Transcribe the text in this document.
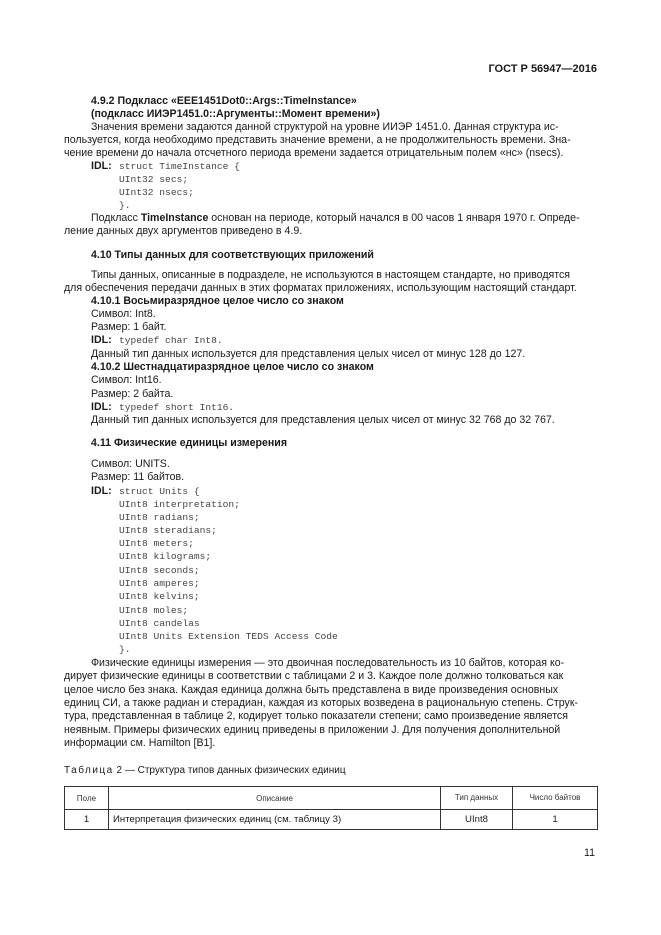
ГОСТ Р 56947—2016
4.9.2 Подкласс «EEE1451Dot0::Args::TimeInstance»
(подкласс ИИЭР1451.0::Аргументы::Момент времени»)
Значения времени задаются данной структурой на уровне ИИЭР 1451.0. Данная структура ис-
пользуется, когда необходимо представить значение времени, а не продолжительность времени. Зна-
чение времени до начала отсчетного периода времени задается отрицательным полем «нс» (nsecs).
IDL: struct TimeInstance {
UInt32 secs;
UInt32 nsecs;
}.
Подкласс TimeInstance основан на периоде, который начался в 00 часов 1 января 1970 г. Опреде-
ление данных двух аргументов приведено в 4.9.
4.10 Типы данных для соответствующих приложений
Типы данных, описанные в подразделе, не используются в настоящем стандарте, но приводятся
для обеспечения передачи данных в этих форматах приложениях, использующим настоящий стандарт.
4.10.1 Восьмиразрядное целое число со знаком
Символ: Int8.
Размер: 1 байт.
IDL: typedef char Int8.
Данный тип данных используется для представления целых чисел от минус 128 до 127.
4.10.2 Шестнадцатиразрядное целое число со знаком
Символ: Int16.
Размер: 2 байта.
IDL: typedef short Int16.
Данный тип данных используется для представления целых чисел от минус 32 768 до 32 767.
4.11 Физические единицы измерения
Символ: UNITS.
Размер: 11 байтов.
IDL: struct Units {
UInt8 interpretation;
UInt8 radians;
UInt8 steradians;
UInt8 meters;
UInt8 kilograms;
UInt8 seconds;
UInt8 amperes;
UInt8 kelvins;
UInt8 moles;
UInt8 candelas
UInt8 Units Extension TEDS Access Code
}.
Физические единицы измерения — это двоичная последовательность из 10 байтов, которая ко-
дирует физические единицы в соответствии с таблицами 2 и 3. Каждое поле должно толковаться как
целое число без знака. Каждая единица должна быть представлена в виде произведения основных
единиц СИ, а также радиан и стерадиан, каждая из которых возведена в рациональную степень. Струк-
тура, представленная в таблице 2, кодирует только показатели степени; само произведение является
неявным. Примеры физических единиц приведены в приложении J. Для получения дополнительной
информации см. Hamilton [B1].
Таблица 2 — Структура типов данных физических единиц
Поле	Описание	Тип данных	Число байтов
1	Интерпретация физических единиц (см. таблицу 3)	UInt8	1
11
